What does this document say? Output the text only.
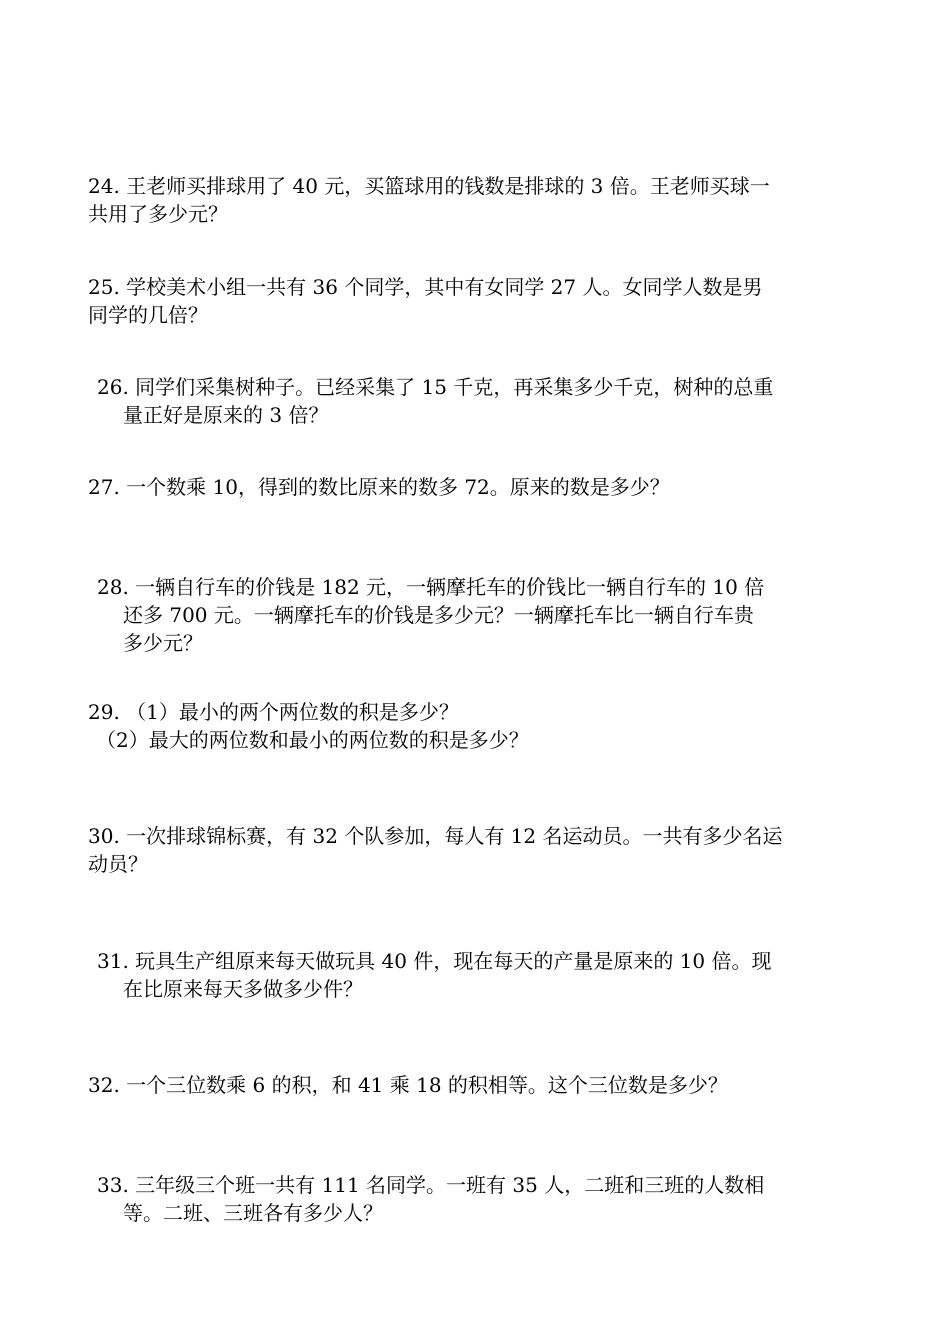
24. 王老师买排球用了 40 元，买篮球用的钱数是排球的 3 倍。王老师买球一
共用了多少元？
25. 学校美术小组一共有 36 个同学，其中有女同学 27 人。女同学人数是男
同学的几倍？
26. 同学们采集树种子。已经采集了 15 千克，再采集多少千克，树种的总重
量正好是原来的 3 倍？
27. 一个数乘 10，得到的数比原来的数多 72。原来的数是多少？
28. 一辆自行车的价钱是 182 元，一辆摩托车的价钱比一辆自行车的 10 倍
还多 700 元。一辆摩托车的价钱是多少元？一辆摩托车比一辆自行车贵
多少元？
29. （1）最小的两个两位数的积是多少？
（2）最大的两位数和最小的两位数的积是多少？
30. 一次排球锦标赛，有 32 个队参加，每人有 12 名运动员。一共有多少名运
动员？
31. 玩具生产组原来每天做玩具 40 件，现在每天的产量是原来的 10 倍。现
在比原来每天多做多少件？
32. 一个三位数乘 6 的积，和 41 乘 18 的积相等。这个三位数是多少？
33. 三年级三个班一共有 111 名同学。一班有 35 人，二班和三班的人数相
等。二班、三班各有多少人？
